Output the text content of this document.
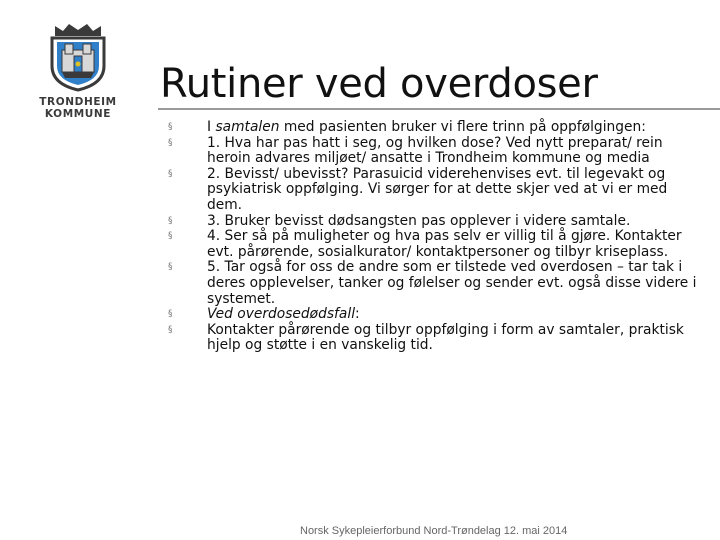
TRONDHEIM
KOMMUNE
Rutiner ved overdoser
§	I samtalen med pasienten bruker vi flere trinn på oppfølgingen:
§	1. Hva har pas hatt i seg, og hvilken dose? Ved nytt preparat/ rein heroin advares miljøet/ ansatte i Trondheim kommune og media
§	2. Bevisst/ ubevisst? Parasuicid viderehenvises evt. til legevakt og psykiatrisk oppfølging. Vi sørger for at dette skjer ved at vi er med dem.
§	3. Bruker bevisst dødsangsten pas opplever i videre samtale.
§	4. Ser så på muligheter og hva pas selv er villig til å gjøre. Kontakter evt. pårørende, sosialkurator/ kontaktpersoner og tilbyr kriseplass.
§	5. Tar også for oss de andre som er tilstede ved overdosen – tar tak i deres opplevelser, tanker og følelser og sender evt. også disse videre i systemet.
§	Ved overdosedødsfall:
§	Kontakter pårørende og tilbyr oppfølging i form av samtaler, praktisk hjelp og støtte i en vanskelig tid.
Norsk Sykepleierforbund Nord-Trøndelag 12. mai 2014
